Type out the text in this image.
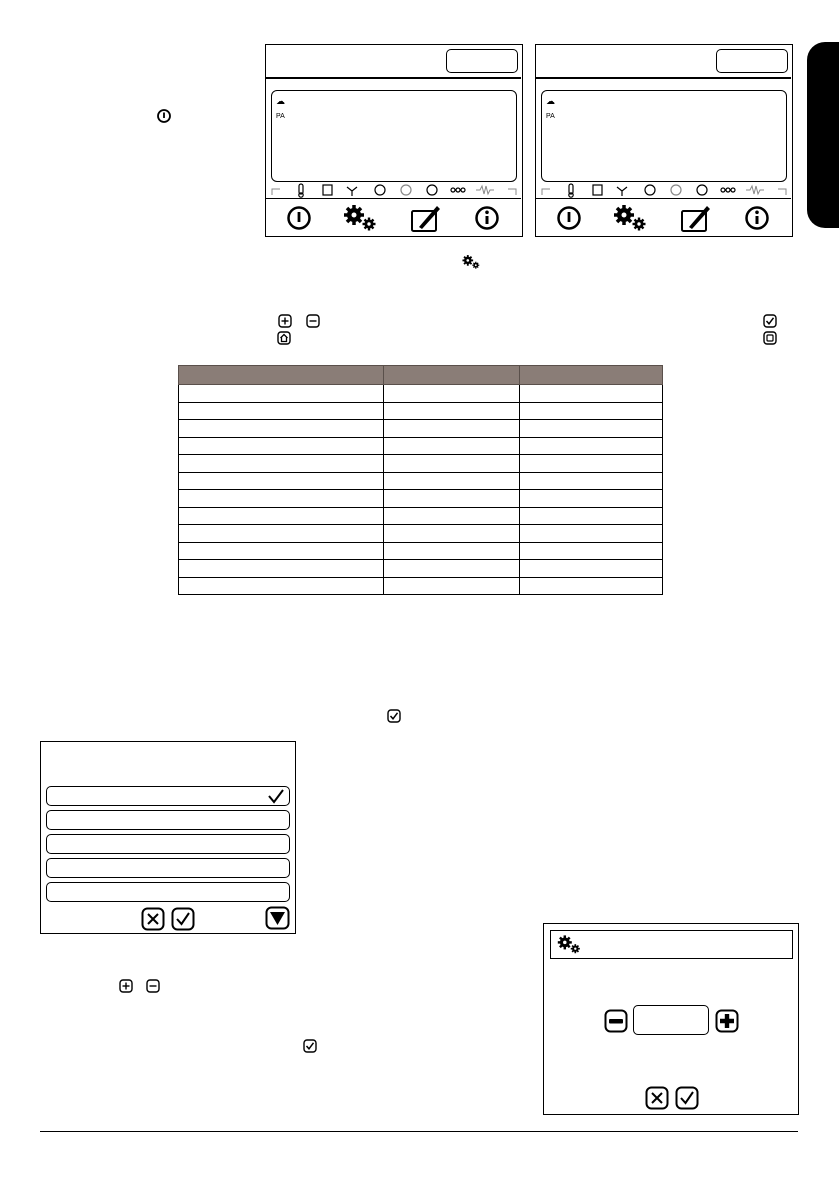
☁
PA
☁
PA
